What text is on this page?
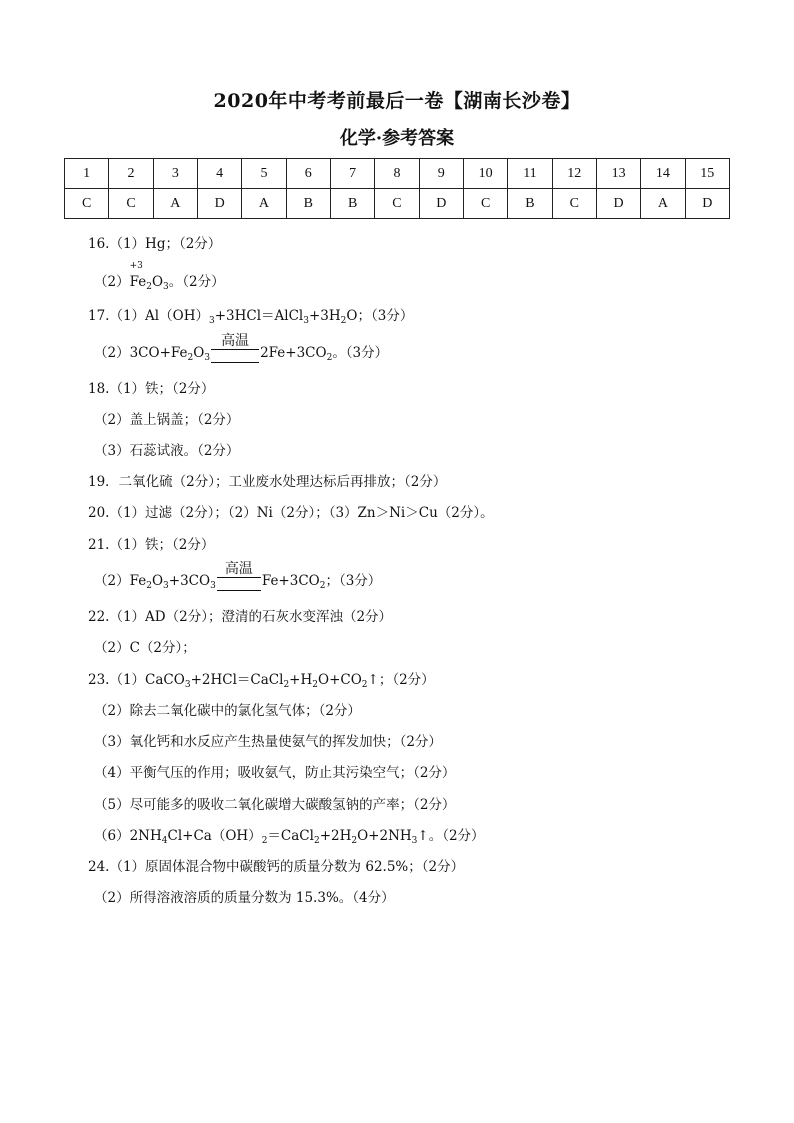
2020年中考考前最后一卷【湖南长沙卷】
化学·参考答案
1	2	3	4	5	6	7	8	9	10	11	12	13	14	15
C	C	A	D	A	B	B	C	D	C	B	C	D	A	D
16.（1）Hg；（2分）
（2）
+3
$Fe_2O_3$。（2分）
$17.(1)Al(OH)_3+3HCl=AlCl_3+3H_2O$；（3分）
$(2)3CO+Fe_2O_3$
高温
$2Fe+3CO_2$。（3分）
18.（1）铁；（2分）
（2）盖上锅盖；（2分）
（3）石蕊试液。（2分）
19．二氧化硫（2分）；工业废水处理达标后再排放；（2分）
20.（1）过滤（2分）；（2）Ni（2分）；（3）Zn＞Ni＞Cu（2分）。
21.（1）铁；（2分）
$(2)Fe_2O_3+3CO_3$
高温
$Fe+3CO_2$；（3分）
22.（1）AD（2分）；澄清的石灰水变浑浊（2分）
（2）C（2分）；
$23.(1)CaCO_3+2HCl=CaCl_2+H_2O+CO_2↑$；（2分）
（2）除去二氧化碳中的氯化氢气体；（2分）
（3）氧化钙和水反应产生热量使氨气的挥发加快；（2分）
（4）平衡气压的作用；吸收氨气，防止其污染空气；（2分）
（5）尽可能多的吸收二氧化碳增大碳酸氢钠的产率；（2分）
$(6)2NH_4Cl+Ca(OH)_2=CaCl_2+2H_2O+2NH_3↑$。（2分）
24.（1）原固体混合物中碳酸钙的质量分数为 62.5%；（2分）
（2）所得溶液溶质的质量分数为 15.3%。（4分）
